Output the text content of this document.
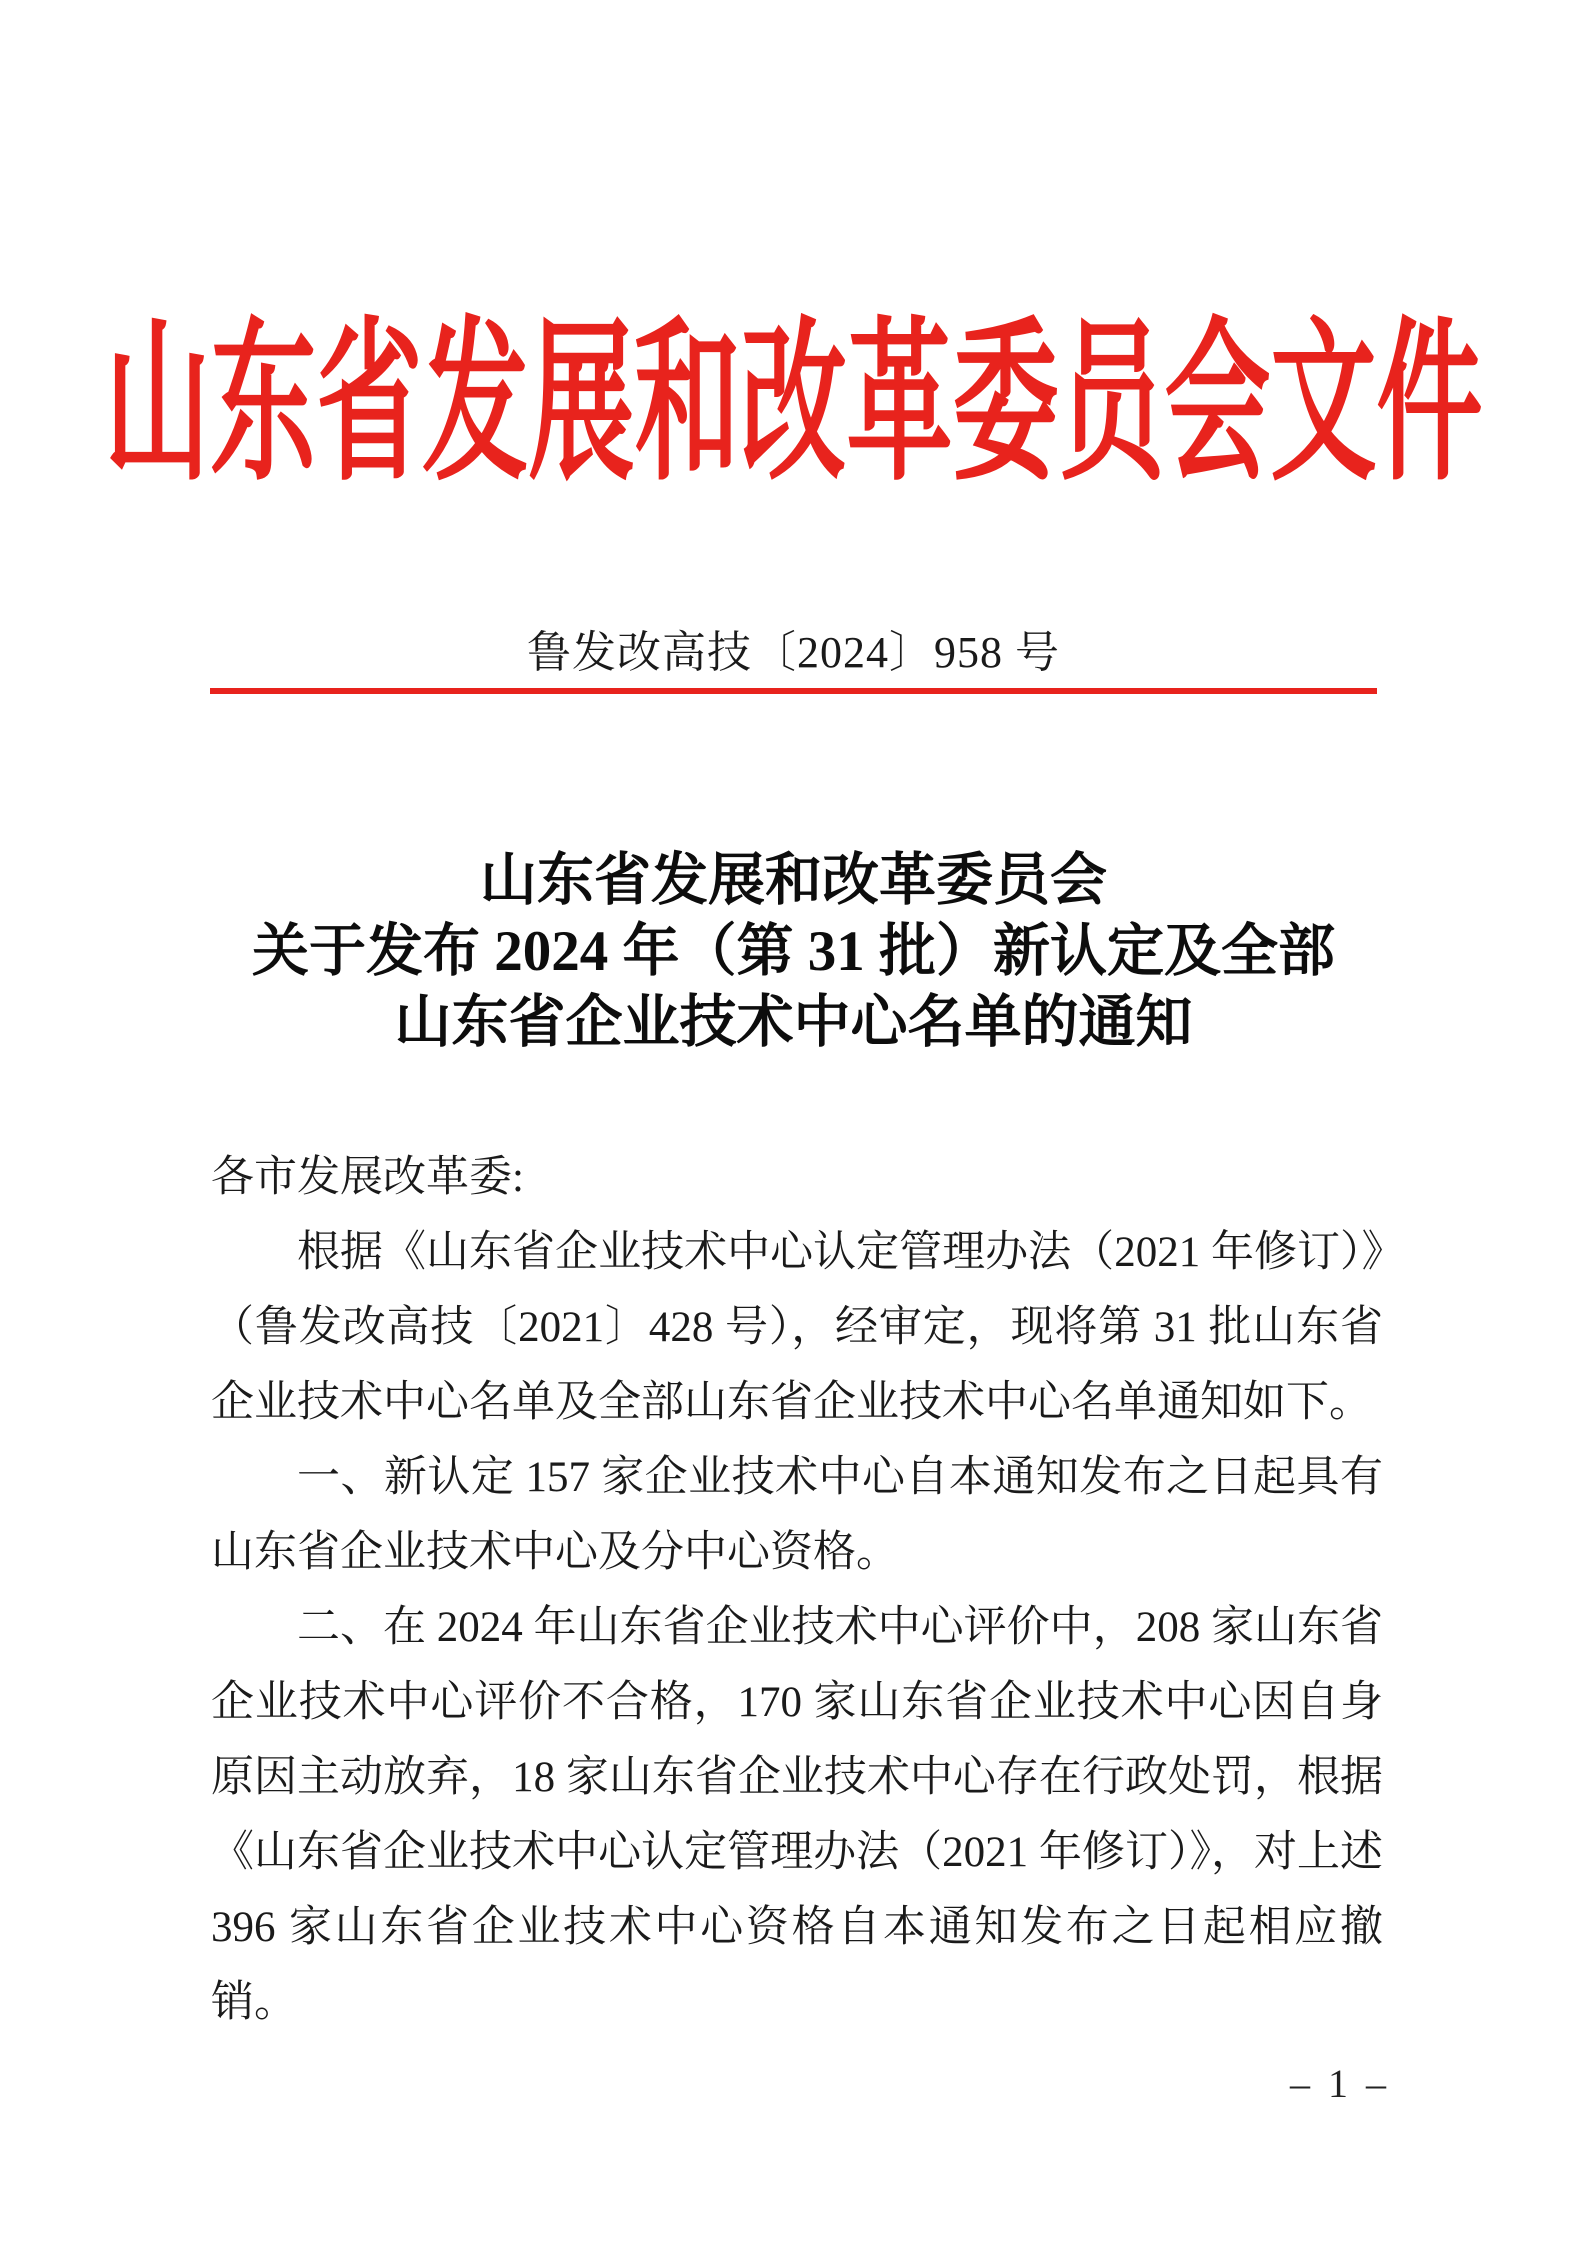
山东省发展和改革委员会文件
鲁发改高技〔2024〕958 号
山东省发展和改革委员会
关于发布 2024 年（第 31 批）新认定及全部
山东省企业技术中心名单的通知

各市发展改革委:

根据《山东省企业技术中心认定管理办法（2021 年修订）》（鲁发改高技〔2021〕428 号），经审定，现将第 31 批山东省企业技术中心名单及全部山东省企业技术中心名单通知如下。

一、新认定 157 家企业技术中心自本通知发布之日起具有山东省企业技术中心及分中心资格。

二、在 2024 年山东省企业技术中心评价中，208 家山东省企业技术中心评价不合格，170 家山东省企业技术中心因自身原因主动放弃，18 家山东省企业技术中心存在行政处罚，根据《山东省企业技术中心认定管理办法（2021 年修订）》，对上述 396 家山东省企业技术中心资格自本通知发布之日起相应撤销。

– 1 –
